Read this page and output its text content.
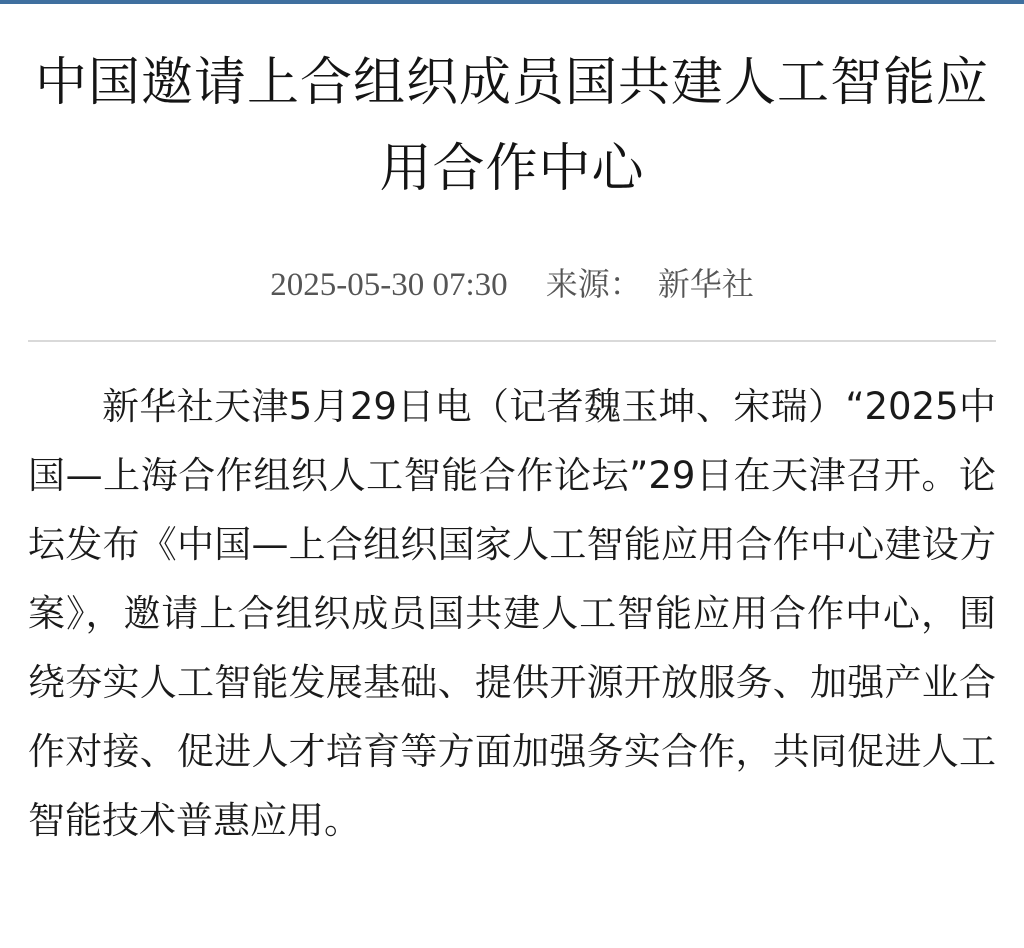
中国邀请上合组织成员国共建人工智能应用合作中心
2025-05-30 07:30 来源： 新华社

新华社天津5月29日电（记者魏玉坤、宋瑞）“2025中国—上海合作组织人工智能合作论坛”29日在天津召开。论坛发布《中国—上合组织国家人工智能应用合作中心建设方案》，邀请上合组织成员国共建人工智能应用合作中心，围绕夯实人工智能发展基础、提供开源开放服务、加强产业合作对接、促进人才培育等方面加强务实合作，共同促进人工智能技术普惠应用。
